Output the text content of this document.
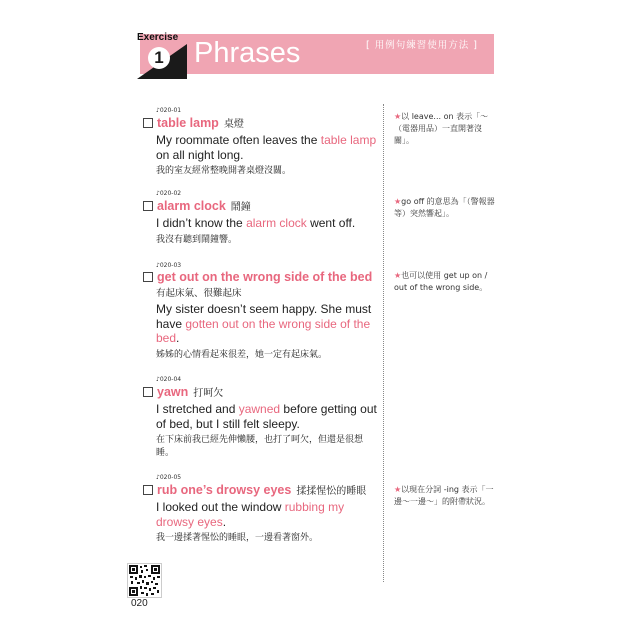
Exercise
1 Phrases	[ 用例句練習使用方法 ]
♪020-01
table lamp 桌燈
My roommate often leaves the table lamp on all night long.
我的室友經常整晚開著桌燈沒關。
♪020-02
alarm clock 鬧鐘
I didn’t know the alarm clock went off.
我沒有聽到鬧鐘響。
♪020-03
get out on the wrong side of the bed
有起床氣、很難起床
My sister doesn’t seem happy. She must have gotten out on the wrong side of the bed.
姊姊的心情看起來很差，她一定有起床氣。
♪020-04
yawn 打呵欠
I stretched and yawned before getting out of bed, but I still felt sleepy.
在下床前我已經先伸懶腰，也打了呵欠，但還是很想睡。
♪020-05
rub one’s drowsy eyes 揉揉惺忪的睡眼
I looked out the window rubbing my drowsy eyes.
我一邊揉著惺忪的睡眼，一邊看著窗外。
★以 leave... on 表示「～（電器用品）一直開著沒關」。
★go off 的意思為「（警報器等）突然響起」。
★也可以使用 get up on / out of the wrong side。
★以現在分詞 -ing 表示「一邊～一邊～」的附帶狀況。
020
